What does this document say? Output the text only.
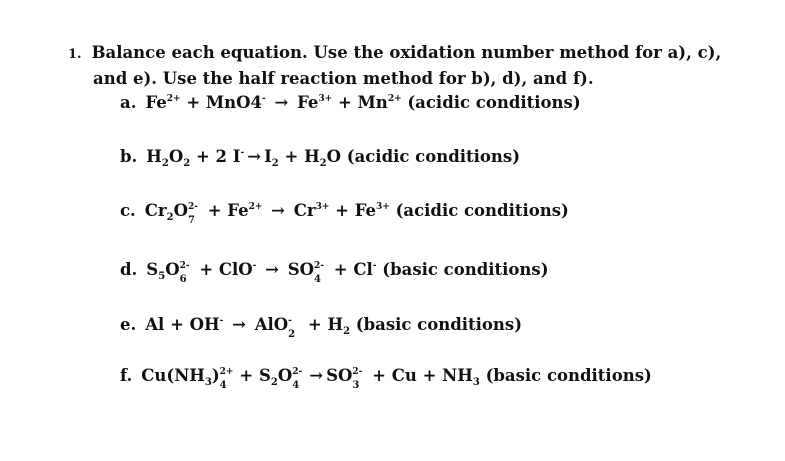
1. Balance each equation. Use the oxidation number method for a), c),
and e). Use the half reaction method for b), d), and f).
a. $Fe^{2+} + MnO4^- \to Fe^{3+} + Mn^{2+}$ (acidic conditions)
b. $H_2O_2 + 2$ $I^- \to I_2 + H_2O$ (acidic conditions)
c. $Cr_2O$ 2-
7
+ $Fe^{2+} \to Cr^{3+} + Fe^{3+}$ (acidic conditions)
d. $S_5O$ 2-
6
+ ClO- → SO 2-
4
+ Cl- (basic conditions)
e. Al + OH- → AlO -
2
+ $H_2$ (basic conditions)
f. $Cu(NH_3)$ 2+
4
+ $S_2O$ 2-
4
→ SO 2-
3
+ $Cu + NH_3$ (basic conditions)
